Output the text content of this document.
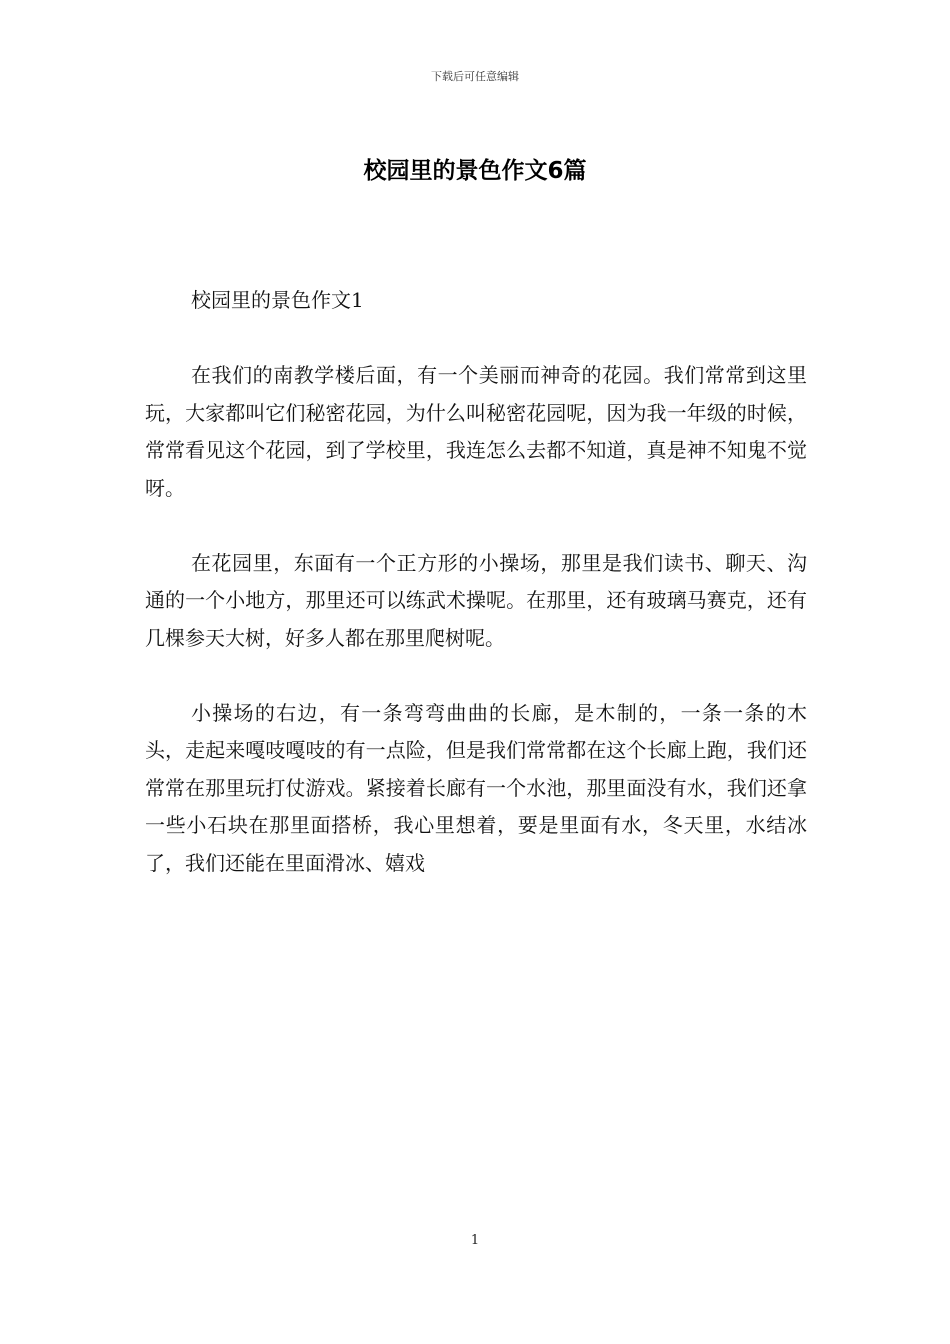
下载后可任意编辑
校园里的景色作文6篇

校园里的景色作文1

在我们的南教学楼后面，有一个美丽而神奇的花园。我们常常到这里玩，大家都叫它们秘密花园，为什么叫秘密花园呢，因为我一年级的时候，常常看见这个花园，到了学校里，我连怎么去都不知道，真是神不知鬼不觉呀。

在花园里，东面有一个正方形的小操场，那里是我们读书、聊天、沟通的一个小地方，那里还可以练武术操呢。在那里，还有玻璃马赛克，还有几棵参天大树，好多人都在那里爬树呢。

小操场的右边，有一条弯弯曲曲的长廊，是木制的，一条一条的木头，走起来嘎吱嘎吱的有一点险，但是我们常常都在这个长廊上跑，我们还常常在那里玩打仗游戏。紧接着长廊有一个水池，那里面没有水，我们还拿一些小石块在那里面搭桥，我心里想着，要是里面有水，冬天里，水结冰了，我们还能在里面滑冰、嬉戏

1
